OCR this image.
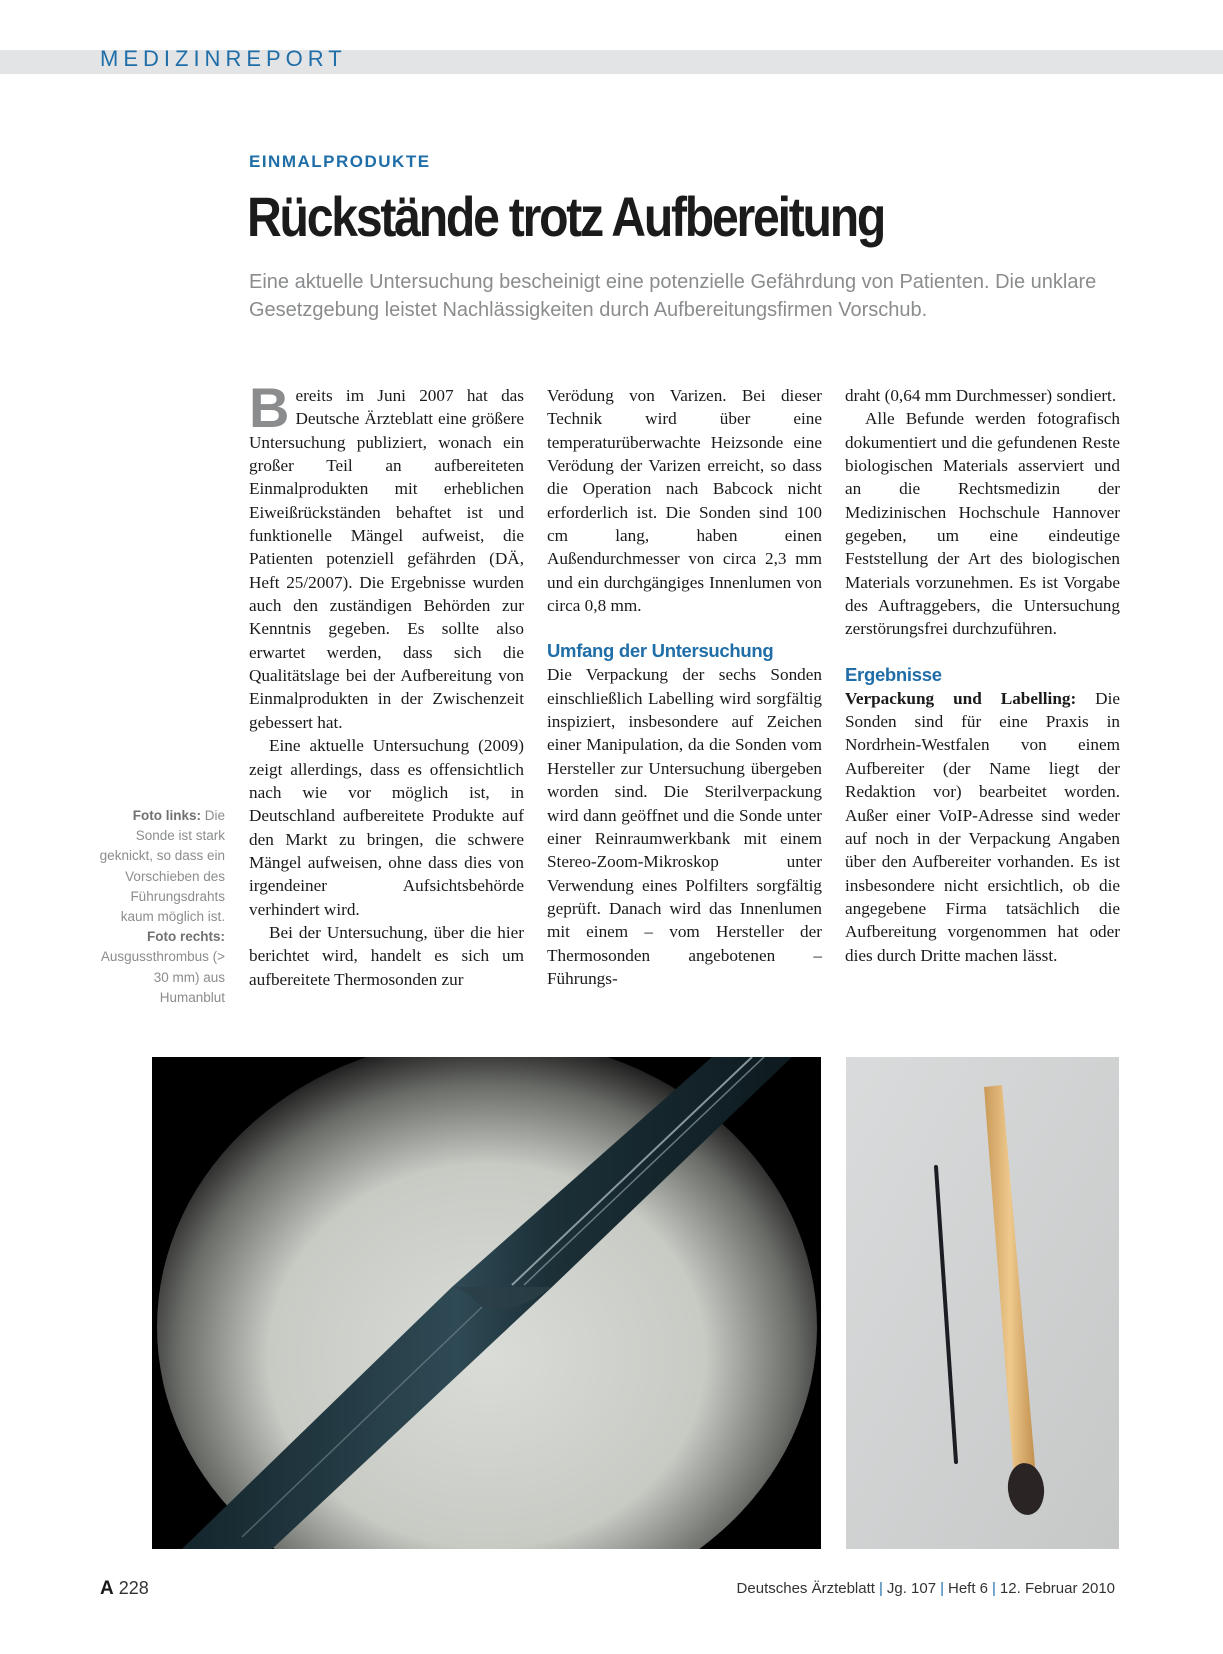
MEDIZINREPORT
EINMALPRODUKTE
Rückstände trotz Aufbereitung

Eine aktuelle Untersuchung bescheinigt eine potenzielle Gefährdung von Patienten. Die unklare Gesetzgebung leistet Nachlässigkeiten durch Aufbereitungsfirmen Vorschub.

Foto links: Die Sonde ist stark geknickt, so dass ein Vorschieben des Führungsdrahts kaum möglich ist. Foto rechts: Ausgussthrombus (> 30 mm) aus Humanblut

Bereits im Juni 2007 hat das Deutsche Ärzteblatt eine größere Untersuchung publiziert, wonach ein großer Teil an aufbereiteten Einmalprodukten mit erheblichen Eiweißrückständen behaftet ist und funktionelle Mängel aufweist, die Patienten potenziell gefährden (DÄ, Heft 25/2007). Die Ergebnisse wurden auch den zuständigen Behörden zur Kenntnis gegeben. Es sollte also erwartet werden, dass sich die Qualitätslage bei der Aufbereitung von Einmalprodukten in der Zwischenzeit gebessert hat.

Eine aktuelle Untersuchung (2009) zeigt allerdings, dass es offensichtlich nach wie vor möglich ist, in Deutschland aufbereitete Produkte auf den Markt zu bringen, die schwere Mängel aufweisen, ohne dass dies von irgendeiner Aufsichtsbehörde verhindert wird.

Bei der Untersuchung, über die hier berichtet wird, handelt es sich um aufbereitete Thermosonden zur

Verödung von Varizen. Bei dieser Technik wird über eine temperaturüberwachte Heizsonde eine Verödung der Varizen erreicht, so dass die Operation nach Babcock nicht erforderlich ist. Die Sonden sind 100 cm lang, haben einen Außendurchmesser von circa 2,3 mm und ein durchgängiges Innenlumen von circa 0,8 mm.

Umfang der Untersuchung

Die Verpackung der sechs Sonden einschließlich Labelling wird sorgfältig inspiziert, insbesondere auf Zeichen einer Manipulation, da die Sonden vom Hersteller zur Untersuchung übergeben worden sind. Die Sterilverpackung wird dann geöffnet und die Sonde unter einer Reinraumwerkbank mit einem Stereo-Zoom-Mikroskop unter Verwendung eines Polfilters sorgfältig geprüft. Danach wird das Innenlumen mit einem – vom Hersteller der Thermosonden angebotenen – Führungs-

draht (0,64 mm Durchmesser) sondiert.

Alle Befunde werden fotografisch dokumentiert und die gefundenen Reste biologischen Materials asserviert und an die Rechtsmedizin der Medizinischen Hochschule Hannover gegeben, um eine eindeutige Feststellung der Art des biologischen Materials vorzunehmen. Es ist Vorgabe des Auftraggebers, die Untersuchung zerstörungsfrei durchzuführen.

Ergebnisse

Verpackung und Labelling: Die Sonden sind für eine Praxis in Nordrhein-Westfalen von einem Aufbereiter (der Name liegt der Redaktion vor) bearbeitet worden. Außer einer VoIP-Adresse sind weder auf noch in der Verpackung Angaben über den Aufbereiter vorhanden. Es ist insbesondere nicht ersichtlich, ob die angegebene Firma tatsächlich die Aufbereitung vorgenommen hat oder dies durch Dritte machen lässt.

A 228	Deutsches Ärzteblatt | Jg. 107 | Heft 6 | 12. Februar 2010
